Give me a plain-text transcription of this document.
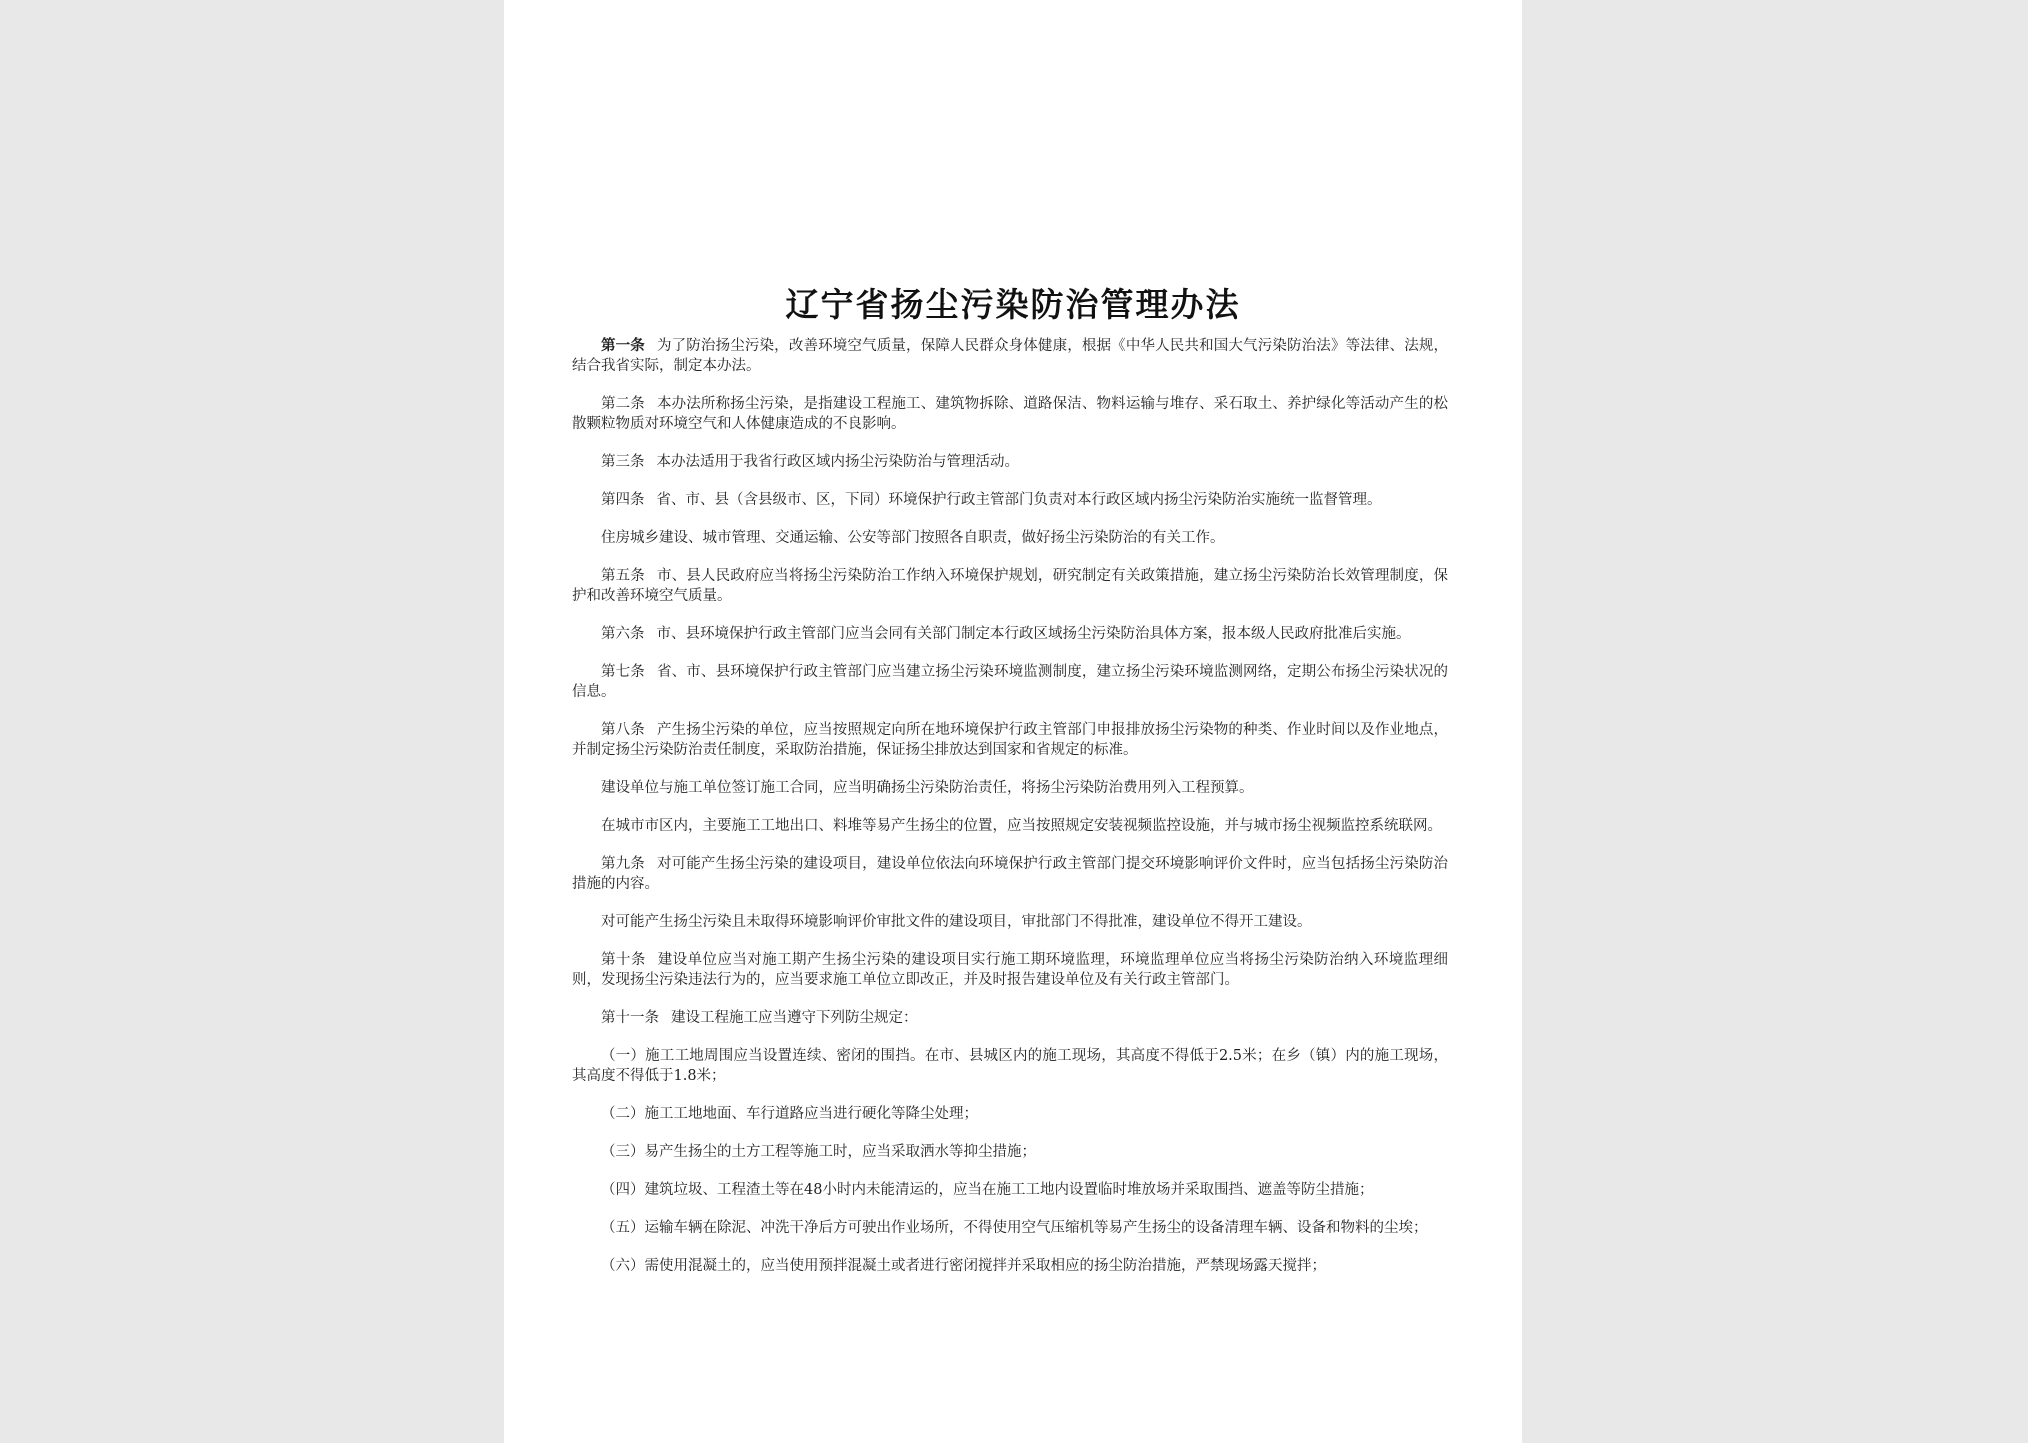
辽宁省扬尘污染防治管理办法

第一条 为了防治扬尘污染，改善环境空气质量，保障人民群众身体健康，根据《中华人民共和国大气污染防治法》等法律、法规，结合我省实际，制定本办法。

第二条 本办法所称扬尘污染，是指建设工程施工、建筑物拆除、道路保洁、物料运输与堆存、采石取土、养护绿化等活动产生的松散颗粒物质对环境空气和人体健康造成的不良影响。

第三条 本办法适用于我省行政区域内扬尘污染防治与管理活动。

第四条 省、市、县（含县级市、区，下同）环境保护行政主管部门负责对本行政区域内扬尘污染防治实施统一监督管理。

住房城乡建设、城市管理、交通运输、公安等部门按照各自职责，做好扬尘污染防治的有关工作。

第五条 市、县人民政府应当将扬尘污染防治工作纳入环境保护规划，研究制定有关政策措施，建立扬尘污染防治长效管理制度，保护和改善环境空气质量。

第六条 市、县环境保护行政主管部门应当会同有关部门制定本行政区域扬尘污染防治具体方案，报本级人民政府批准后实施。

第七条 省、市、县环境保护行政主管部门应当建立扬尘污染环境监测制度，建立扬尘污染环境监测网络，定期公布扬尘污染状况的信息。

第八条 产生扬尘污染的单位，应当按照规定向所在地环境保护行政主管部门申报排放扬尘污染物的种类、作业时间以及作业地点，并制定扬尘污染防治责任制度，采取防治措施，保证扬尘排放达到国家和省规定的标准。

建设单位与施工单位签订施工合同，应当明确扬尘污染防治责任，将扬尘污染防治费用列入工程预算。

在城市市区内，主要施工工地出口、料堆等易产生扬尘的位置，应当按照规定安装视频监控设施，并与城市扬尘视频监控系统联网。

第九条 对可能产生扬尘污染的建设项目，建设单位依法向环境保护行政主管部门提交环境影响评价文件时，应当包括扬尘污染防治措施的内容。

对可能产生扬尘污染且未取得环境影响评价审批文件的建设项目，审批部门不得批准，建设单位不得开工建设。

第十条 建设单位应当对施工期产生扬尘污染的建设项目实行施工期环境监理，环境监理单位应当将扬尘污染防治纳入环境监理细则，发现扬尘污染违法行为的，应当要求施工单位立即改正，并及时报告建设单位及有关行政主管部门。

第十一条 建设工程施工应当遵守下列防尘规定：

（一）施工工地周围应当设置连续、密闭的围挡。在市、县城区内的施工现场，其高度不得低于2.5米；在乡（镇）内的施工现场，其高度不得低于1.8米；

（二）施工工地地面、车行道路应当进行硬化等降尘处理；

（三）易产生扬尘的土方工程等施工时，应当采取洒水等抑尘措施；

（四）建筑垃圾、工程渣土等在48小时内未能清运的，应当在施工工地内设置临时堆放场并采取围挡、遮盖等防尘措施；

（五）运输车辆在除泥、冲洗干净后方可驶出作业场所，不得使用空气压缩机等易产生扬尘的设备清理车辆、设备和物料的尘埃；

（六）需使用混凝土的，应当使用预拌混凝土或者进行密闭搅拌并采取相应的扬尘防治措施，严禁现场露天搅拌；
